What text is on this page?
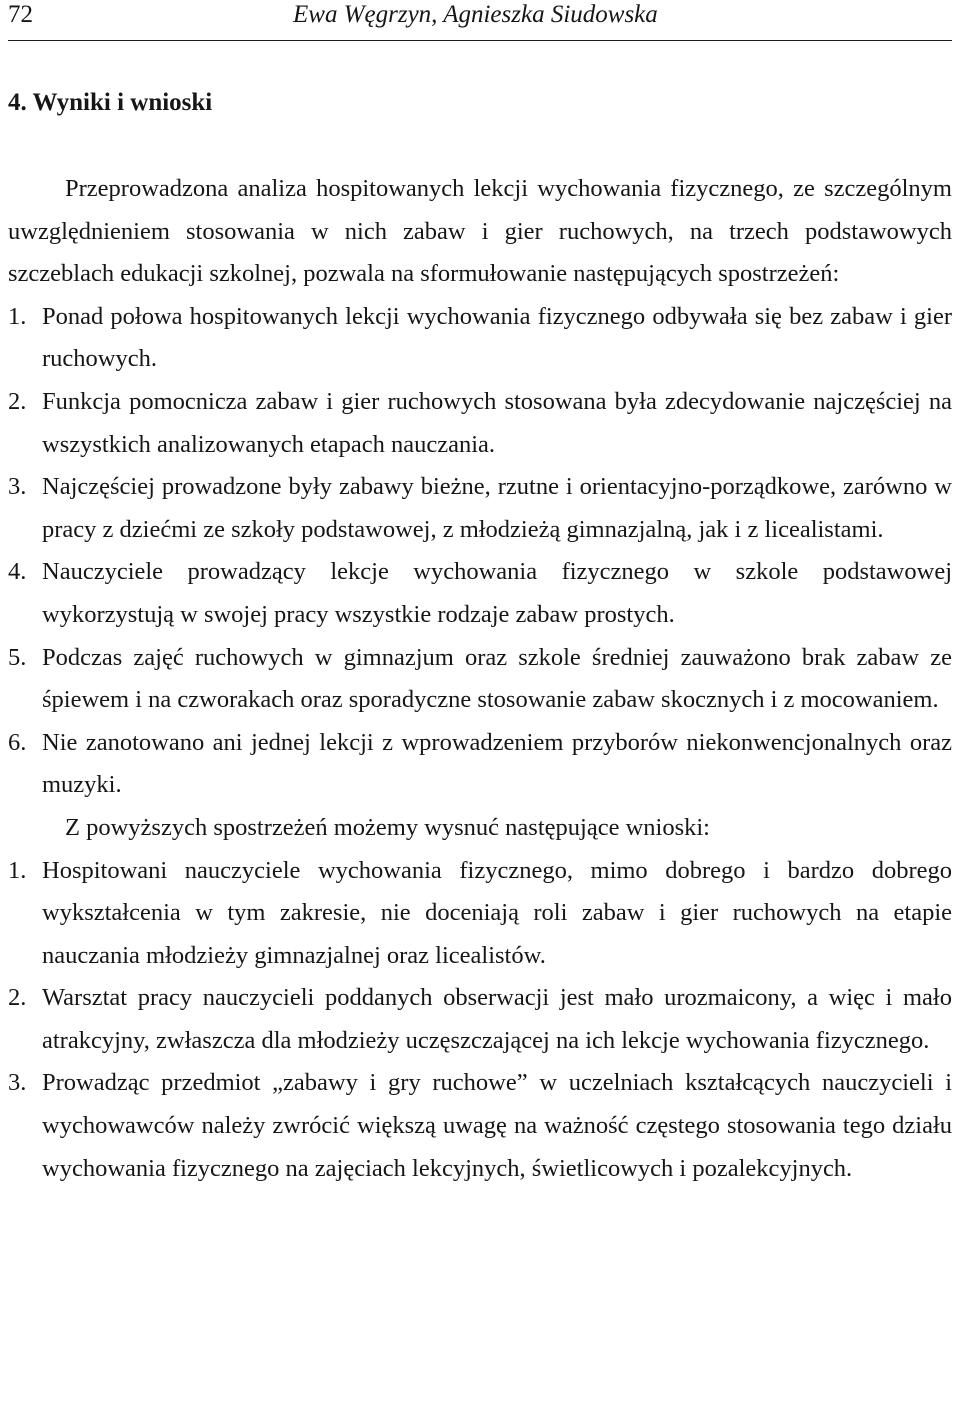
72	Ewa Węgrzyn, Agnieszka Siudowska
4. Wyniki i wnioski

Przeprowadzona analiza hospitowanych lekcji wychowania fizycznego, ze szczególnym uwzględnieniem stosowania w nich zabaw i gier ruchowych, na trzech podstawowych szczeblach edukacji szkolnej, pozwala na sformułowanie następujących spostrzeżeń:

1. Ponad połowa hospitowanych lekcji wychowania fizycznego odbywała się bez zabaw i gier ruchowych.
2. Funkcja pomocnicza zabaw i gier ruchowych stosowana była zdecydowanie najczęściej na wszystkich analizowanych etapach nauczania.
3. Najczęściej prowadzone były zabawy bieżne, rzutne i orientacyjno-porządkowe, zarówno w pracy z dziećmi ze szkoły podstawowej, z młodzieżą gimnazjalną, jak i z licealistami.
4. Nauczyciele prowadzący lekcje wychowania fizycznego w szkole podstawowej wykorzystują w swojej pracy wszystkie rodzaje zabaw prostych.
5. Podczas zajęć ruchowych w gimnazjum oraz szkole średniej zauważono brak zabaw ze śpiewem i na czworakach oraz sporadyczne stosowanie zabaw skocznych i z mocowaniem.
6. Nie zanotowano ani jednej lekcji z wprowadzeniem przyborów niekonwencjonalnych oraz muzyki.

Z powyższych spostrzeżeń możemy wysnuć następujące wnioski:

1. Hospitowani nauczyciele wychowania fizycznego, mimo dobrego i bardzo dobrego wykształcenia w tym zakresie, nie doceniają roli zabaw i gier ruchowych na etapie nauczania młodzieży gimnazjalnej oraz licealistów.
2. Warsztat pracy nauczycieli poddanych obserwacji jest mało urozmaicony, a więc i mało atrakcyjny, zwłaszcza dla młodzieży uczęszczającej na ich lekcje wychowania fizycznego.
3. Prowadząc przedmiot „zabawy i gry ruchowe” w uczelniach kształcących nauczycieli i wychowawców należy zwrócić większą uwagę na ważność częstego stosowania tego działu wychowania fizycznego na zajęciach lekcyjnych, świetlicowych i pozalekcyjnych.
